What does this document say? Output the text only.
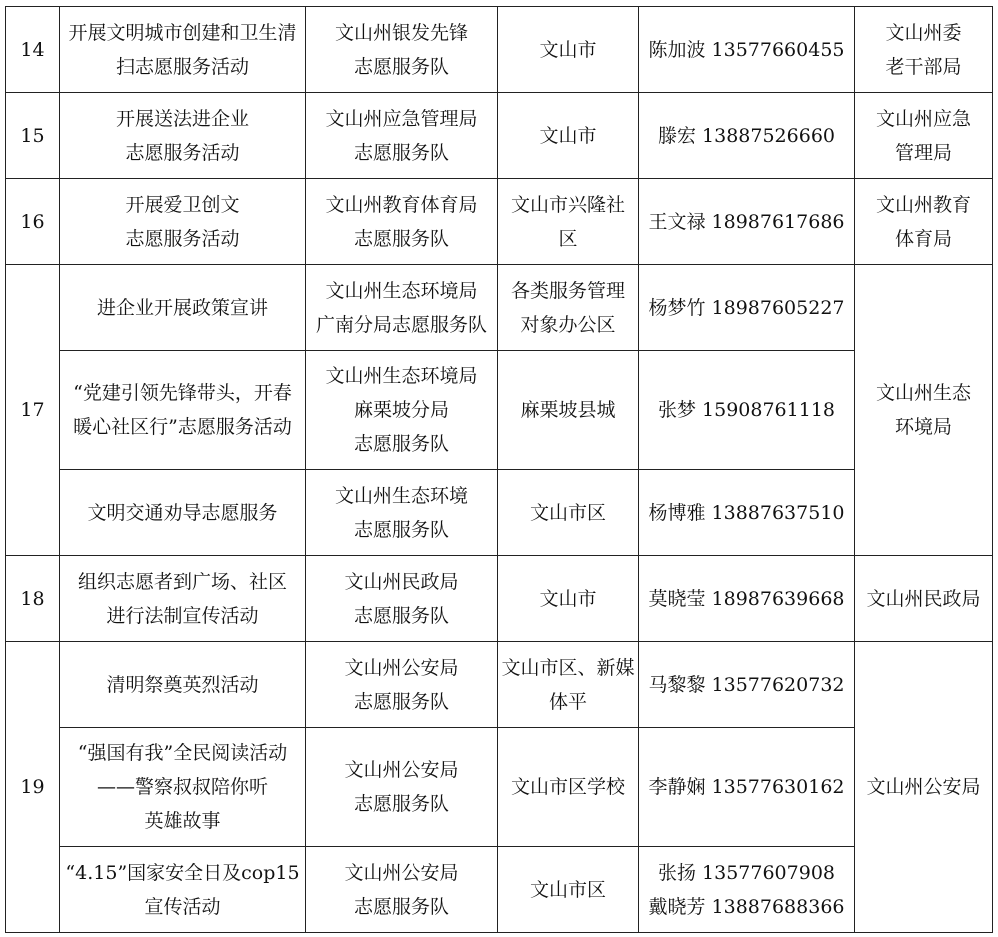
14	开展文明城市创建和卫生清
扫志愿服务活动	文山州银发先锋
志愿服务队	文山市	陈加波 13577660455	文山州委
老干部局

15	开展送法进企业
志愿服务活动	文山州应急管理局
志愿服务队	文山市	滕宏 13887526660	文山州应急
管理局

16	开展爱卫创文
志愿服务活动	文山州教育体育局
志愿服务队	文山市兴隆社
区	王文禄 18987617686	文山州教育
体育局

17	进企业开展政策宣讲	文山州生态环境局
广南分局志愿服务队	各类服务管理
对象办公区	杨梦竹 18987605227	文山州生态
环境局

	“党建引领先锋带头，开春
暖心社区行”志愿服务活动	文山州生态环境局
麻栗坡分局
志愿服务队	麻栗坡县城	张梦 15908761118	

	文明交通劝导志愿服务	文山州生态环境
志愿服务队	文山市区	杨博雅 13887637510	

18	组织志愿者到广场、社区
进行法制宣传活动	文山州民政局
志愿服务队	文山市	莫晓莹 18987639668	文山州民政局

19	清明祭奠英烈活动	文山州公安局
志愿服务队	文山市区、新媒
体平	马黎黎 13577620732	文山州公安局

	“强国有我”全民阅读活动
——警察叔叔陪你听
英雄故事	文山州公安局
志愿服务队	文山市区学校	李静娴 13577630162	

	“4.15”国家安全日及cop15
宣传活动	文山州公安局
志愿服务队	文山市区	张扬 13577607908
戴晓芳 13887688366	
